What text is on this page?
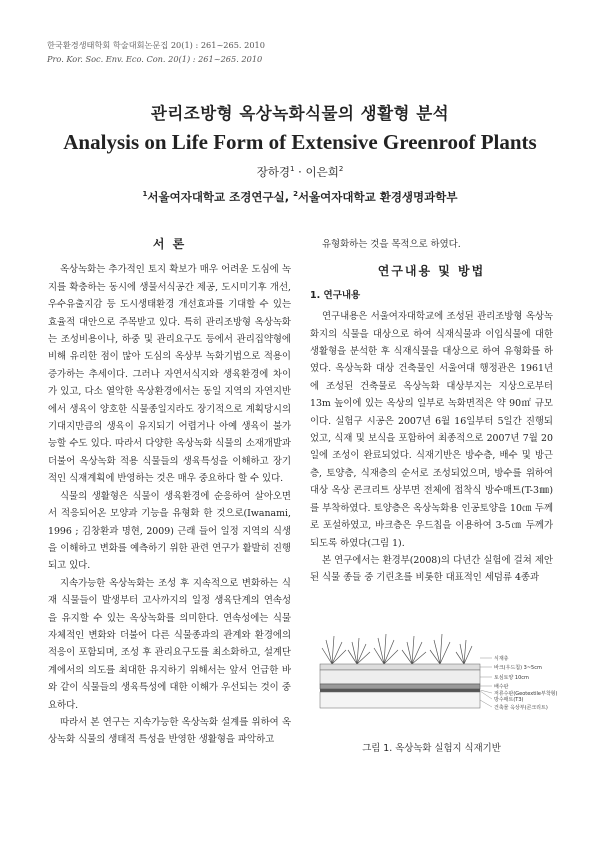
한국환경생태학회 학술대회논문집 20(1) : 261~265. 2010
Pro. Kor. Soc. Env. Eco. Con. 20(1) : 261~265. 2010
관리조방형 옥상녹화식물의 생활형 분석
Analysis on Life Form of Extensive Greenroof Plants
장하경$^1$ · 이은희$^2$
$^1$서울여자대학교 조경연구실, $^2$서울여자대학교 환경생명과학부
서 론

옥상녹화는 추가적인 토지 확보가 매우 어려운 도심에 녹지를 확충하는 동시에 생물서식공간 제공, 도시미기후 개선, 우수유출지감 등 도시생태환경 개선효과를 기대할 수 있는 효율적 대안으로 주목받고 있다. 특히 관리조방형 옥상녹화는 조성비용이나, 하중 및 관리요구도 등에서 관리집약형에 비해 유리한 점이 많아 도심의 옥상부 녹화기법으로 적용이 증가하는 추세이다. 그러나 자연서식지와 생육환경에 차이가 있고, 다소 열악한 옥상환경에서는 동일 지역의 자연지반에서 생육이 양호한 식물종일지라도 장기적으로 계획당시의 기대지만큼의 생육이 유지되기 어렵거나 아예 생육이 불가능할 수도 있다. 따라서 다양한 옥상녹화 식물의 소재개발과 더불어 옥상녹화 적용 식물들의 생육특성을 이해하고 장기적인 식재계획에 반영하는 것은 매우 중요하다 할 수 있다.

식물의 생활형은 식물이 생육환경에 순응하여 살아오면서 적응되어온 모양과 기능을 유형화 한 것으로(Iwanami, 1996 ; 김창환과 명현, 2009) 근래 들어 일정 지역의 식생을 이해하고 변화를 예측하기 위한 관련 연구가 활발히 진행되고 있다.

지속가능한 옥상녹화는 조성 후 지속적으로 변화하는 식재 식물들이 발생부터 고사까지의 일정 생육단계의 연속성을 유지할 수 있는 옥상녹화를 의미한다. 연속성에는 식물 자체적인 변화와 더불어 다른 식물종과의 관계와 환경에의 적응이 포함되며, 조성 후 관리요구도를 최소화하고, 설계단계에서의 의도를 최대한 유지하기 위해서는 앞서 언급한 바와 같이 식물들의 생육특성에 대한 이해가 우선되는 것이 중요하다.

따라서 본 연구는 지속가능한 옥상녹화 설계를 위하여 옥상녹화 식물의 생태적 특성을 반영한 생활형을 파악하고

유형화하는 것을 목적으로 하였다.

연구내용 및 방법
1. 연구내용

연구내용은 서울여자대학교에 조성된 관리조방형 옥상녹화지의 식물을 대상으로 하여 식재식물과 이입식물에 대한 생활형을 분석한 후 식재식물을 대상으로 하여 유형화를 하였다. 옥상녹화 대상 건축물인 서울여대 행정관은 1961년에 조성된 건축물로 옥상녹화 대상부지는 지상으로부터 13m 높이에 있는 옥상의 일부로 녹화면적은 약 90㎡ 규모이다. 실험구 시공은 2007년 6월 16일부터 5일간 진행되었고, 식재 및 보식을 포함하여 최종적으로 2007년 7월 20일에 조성이 완료되었다. 식재기반은 방수층, 배수 및 방근층, 토양층, 식재층의 순서로 조성되었으며, 방수를 위하여 대상 옥상 콘크리트 상부면 전체에 접착식 방수매트(T-3㎜)를 부착하였다. 토양층은 옥상녹화용 인공토양을 10㎝ 두께로 포설하였고, 바크층은 우드칩을 이용하여 3-5㎝ 두께가 되도록 하였다(그림 1).

본 연구에서는 환경부(2008)의 다년간 실험에 걸쳐 제안된 식물 종들 중 기린초를 비롯한 대표적인 세덤류 4종과

식재층
바크(우드칩) 3~5cm
토심토양 10cm
배수판
저류수판(Geotextile부착형)
방수매트(T3)
건축물 옥상부(콘크리트)
그림 1. 옥상녹화 실험지 식재기반
